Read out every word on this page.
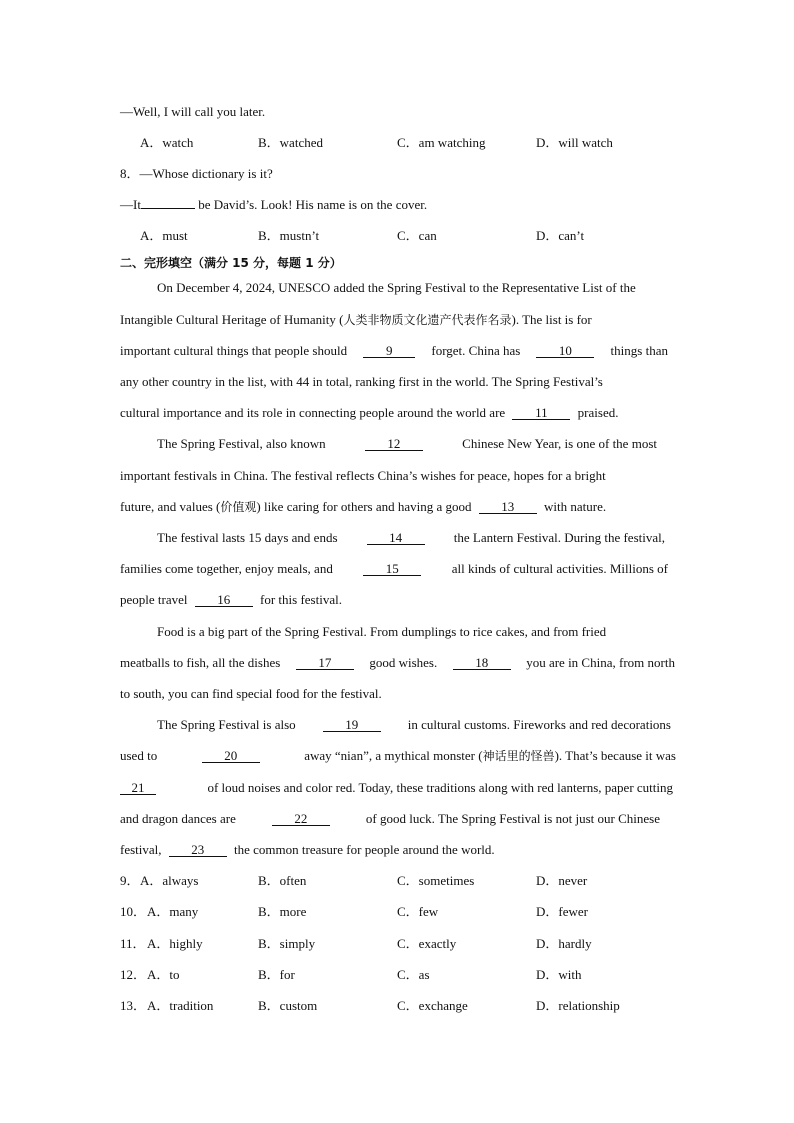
—Well, I will call you later.
A．watch	B．watched	C．am watching	D．will watch
8．—Whose dictionary is it?
—It	be David’s. Look! His name is on the cover.
A．must	B．mustn’t	C．can	D．can’t
二、完形填空（满分 15 分，每题 1 分）
On December 4, 2024, UNESCO added the Spring Festival to the Representative List of the
Intangible Cultural Heritage of Humanity (人类非物质文化遗产代表作名录). The list is for
important cultural things that people should	9	forget. China has	10	things than
any other country in the list, with 44 in total, ranking first in the world. The Spring Festival’s
cultural importance and its role in connecting people around the world are 11 praised.
The Spring Festival, also known	12	Chinese New Year, is one of the most
important festivals in China. The festival reflects China’s wishes for peace, hopes for a bright
future, and values (价值观) like caring for others and having a good 13 with nature.
The festival lasts 15 days and ends	14	the Lantern Festival. During the festival,
families come together, enjoy meals, and	15	all kinds of cultural activities. Millions of
people travel 16 for this festival.
Food is a big part of the Spring Festival. From dumplings to rice cakes, and from fried
meatballs to fish, all the dishes	17	good wishes.	18	you are in China, from north
to south, you can find special food for the festival.
The Spring Festival is also	19	in cultural customs. Fireworks and red decorations
used to	20	away “nian”, a mythical monster (神话里的怪兽). That’s because it was
21	of loud noises and color red. Today, these traditions along with red lanterns, paper cutting
and dragon dances are	22	of good luck. The Spring Festival is not just our Chinese
festival, 23 the common treasure for people around the world.
9． A．always	B．often	C．sometimes	D．never
10． A．many	B．more	C．few	D．fewer
11． A．highly	B．simply	C．exactly	D．hardly
12． A．to	B．for	C．as	D．with
13． A．tradition	B．custom	C．exchange	D．relationship
